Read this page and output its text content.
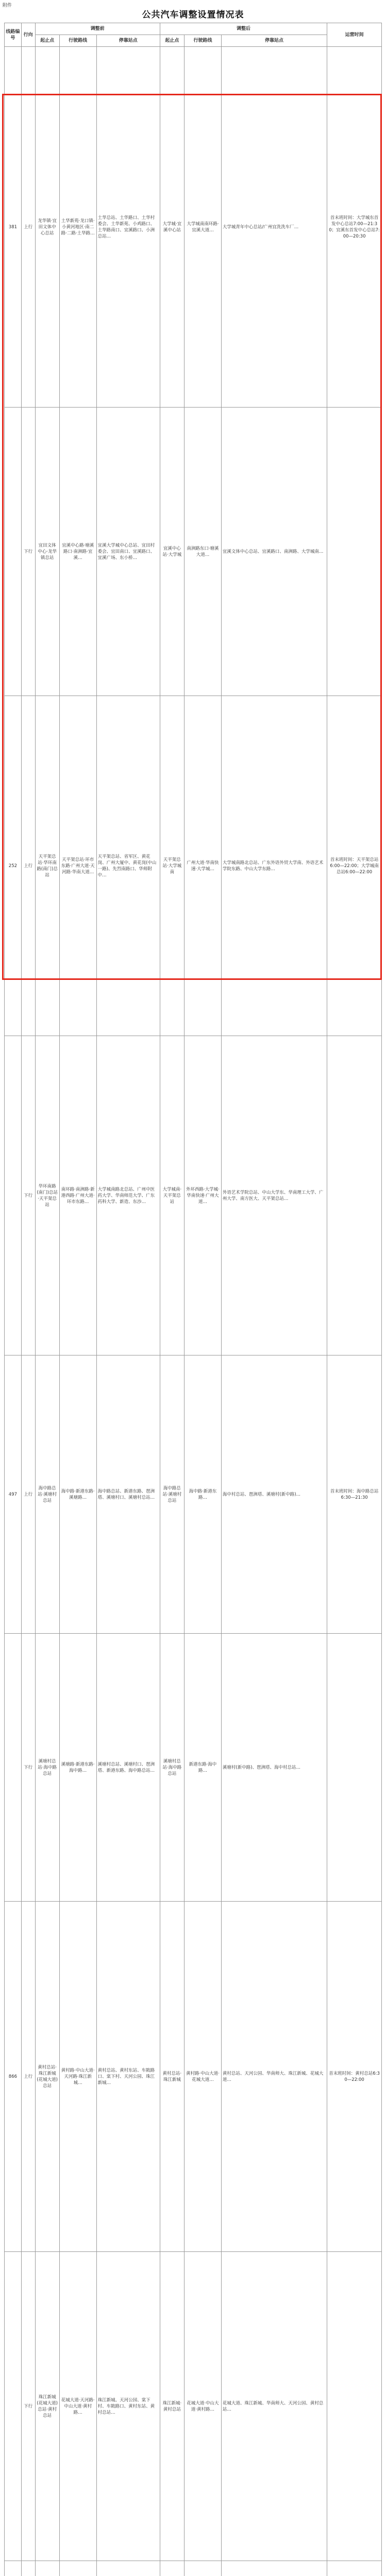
附件
公共汽车调整设置情况表
线路编号	行向	调整前			调整后			运营时间
		起止点	行驶路线	停靠站点	起止点	行驶路线	停靠站点	
381	上行	龙华镇·宜田文体中心总站	土华新苑·龙口镇·小黄河地区·南二路·二路·土华路…	土华总站、土华路口、土华村委会、土华新苑、小鸡路口、土华路南口、宜溪路口、小洲总站…	大学城·宜溪中心站	大学城南南环路·宜溪大道…	大学城青年中心总站/广州宜洗洗车厂…	首末班时间：大学城东首发中心总站7:00—21:30；宜溪东首发中心总站7:00—20:30
	下行	宜田文体中心·龙华镇总站	宜溪中心路·塘溪路口·南洲路·宜溪…	宜溪大学城中心总站、宜田村委会、宜田南口、宜溪路口、宜溪广场、东小桥…	宜溪中心站·大学城	南洲路东口·塘溪大道…	宜溪文体中心总站、宜溪路口、南洲路、大学城南…	
252	上行	天平架总站·华环南路(南门)总站	天平架总站·环市东路·广州大道·天河路·华南大道…	天平架总站、省军区、黄花岗、广州大厦中、黄花岗(中山一路)、先烈南路口、华师附中…	天平架总站·大学城南	广州大道·华南快速·大学城…	大学城南路北总站、广东外语外贸大学南、外语艺术学院东路、中山大学东路…	首末班时间：天平架总站6:00—22:00；大学城南总站6:00—22:00
	下行	华环南路(南门)总站·天平架总站	南环路·南洲路·新港西路·广州大道·环市东路…	大学城南路北总站、广州中医药大学、华南师范大学、广东药科大学、新造、东沙…	大学城南·天平架总站	外环西路·大学城·华南快速·广州大道…	外语艺术学院总站、中山大学东、华南理工大学、广州大学、南方医大、天平架总站…	
497	上行	海中路总站·溪塘村总站	海中路·新港东路·溪塘路…	海中路总站、新港东路、琶洲塔、溪塘村口、溪塘村总站…	海中路总站·溪塘村总站	海中路·新港东路…	海中村总站、琶洲塔、溪塘村(新中路)…	首末班时间：海中路总站6:30—21:30
	下行	溪塘村总站·海中路总站	溪塘路·新港东路·海中路…	溪塘村总站、溪塘村口、琶洲塔、新港东路、海中路总站…	溪塘村总站·海中路总站	新港东路·海中路…	溪塘村(新中路)、琶洲塔、海中村总站…	
866	上行	黄村总站·珠江新城(花城大道)总站	黄村路·中山大道·天河路·珠江新城…	黄村总站、黄村东站、车陂路口、棠下村、天河公园、珠江新城…	黄村总站·珠江新城	黄村路·中山大道·花城大道…	黄村总站、天河公园、华南师大、珠江新城、花城大道…	首末班时间：黄村总站6:30—22:00
	下行	珠江新城(花城大道)总站·黄村总站	花城大道·天河路·中山大道·黄村路…	珠江新城、天河公园、棠下村、车陂路口、黄村东站、黄村总站…	珠江新城·黄村总站	花城大道·中山大道·黄村路…	花城大道、珠江新城、华南师大、天河公园、黄村总站…	
